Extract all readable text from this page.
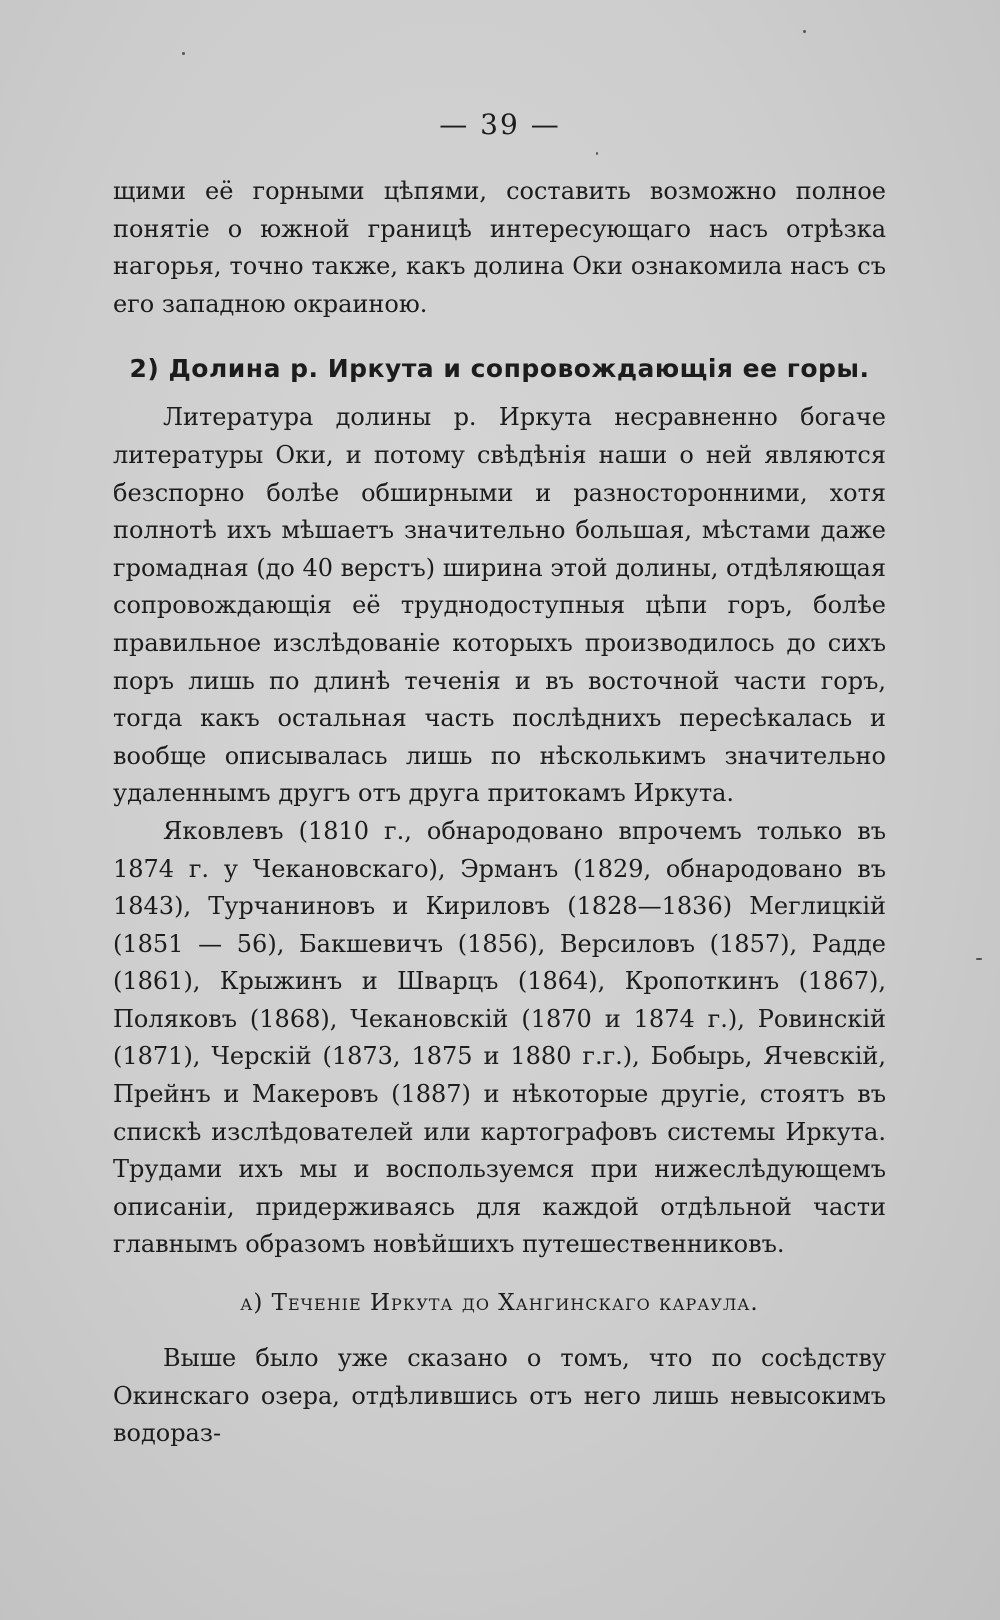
— 39 —

щими её горными цѣпями, составить возможно полное понятіе о южной границѣ интересующаго насъ отрѣзка нагорья, точно также, какъ долина Оки ознакомила насъ съ его западною окраиною.

2) Долина р. Иркута и сопровождающія ее горы.

Литература долины р. Иркута несравненно богаче литературы Оки, и потому свѣдѣнія наши о ней являются безспорно болѣе обширными и разносторонними, хотя полнотѣ ихъ мѣшаетъ значительно большая, мѣстами даже громадная (до 40 верстъ) ширина этой долины, отдѣляющая сопровождающія её труднодоступныя цѣпи горъ, болѣе правильное изслѣдованіе которыхъ производилось до сихъ поръ лишь по длинѣ теченія и въ восточной части горъ, тогда какъ остальная часть послѣднихъ пересѣкалась и вообще описывалась лишь по нѣсколькимъ значительно удаленнымъ другъ отъ друга притокамъ Иркута.

Яковлевъ (1810 г., обнародовано впрочемъ только въ 1874 г. у Чекановскаго), Эрманъ (1829, обнародовано въ 1843), Турчаниновъ и Кириловъ (1828—1836) Меглицкій (1851 — 56), Бакшевичъ (1856), Версиловъ (1857), Радде (1861), Крыжинъ и Шварцъ (1864), Кропоткинъ (1867), Поляковъ (1868), Чекановскій (1870 и 1874 г.), Ровинскій (1871), Черскій (1873, 1875 и 1880 г.г.), Бобырь, Ячевскій, Прейнъ и Макеровъ (1887) и нѣкоторые другіе, стоятъ въ спискѣ изслѣдователей или картографовъ системы Иркута. Трудами ихъ мы и воспользуемся при нижеслѣдующемъ описаніи, придерживаясь для каждой отдѣльной части главнымъ образомъ новѣйшихъ путешественниковъ.

а) Теченіе Иркута до Хангинскаго караула.

Выше было уже сказано о томъ, что по сосѣдству Окинскаго озера, отдѣлившись отъ него лишь невысокимъ водораз-
